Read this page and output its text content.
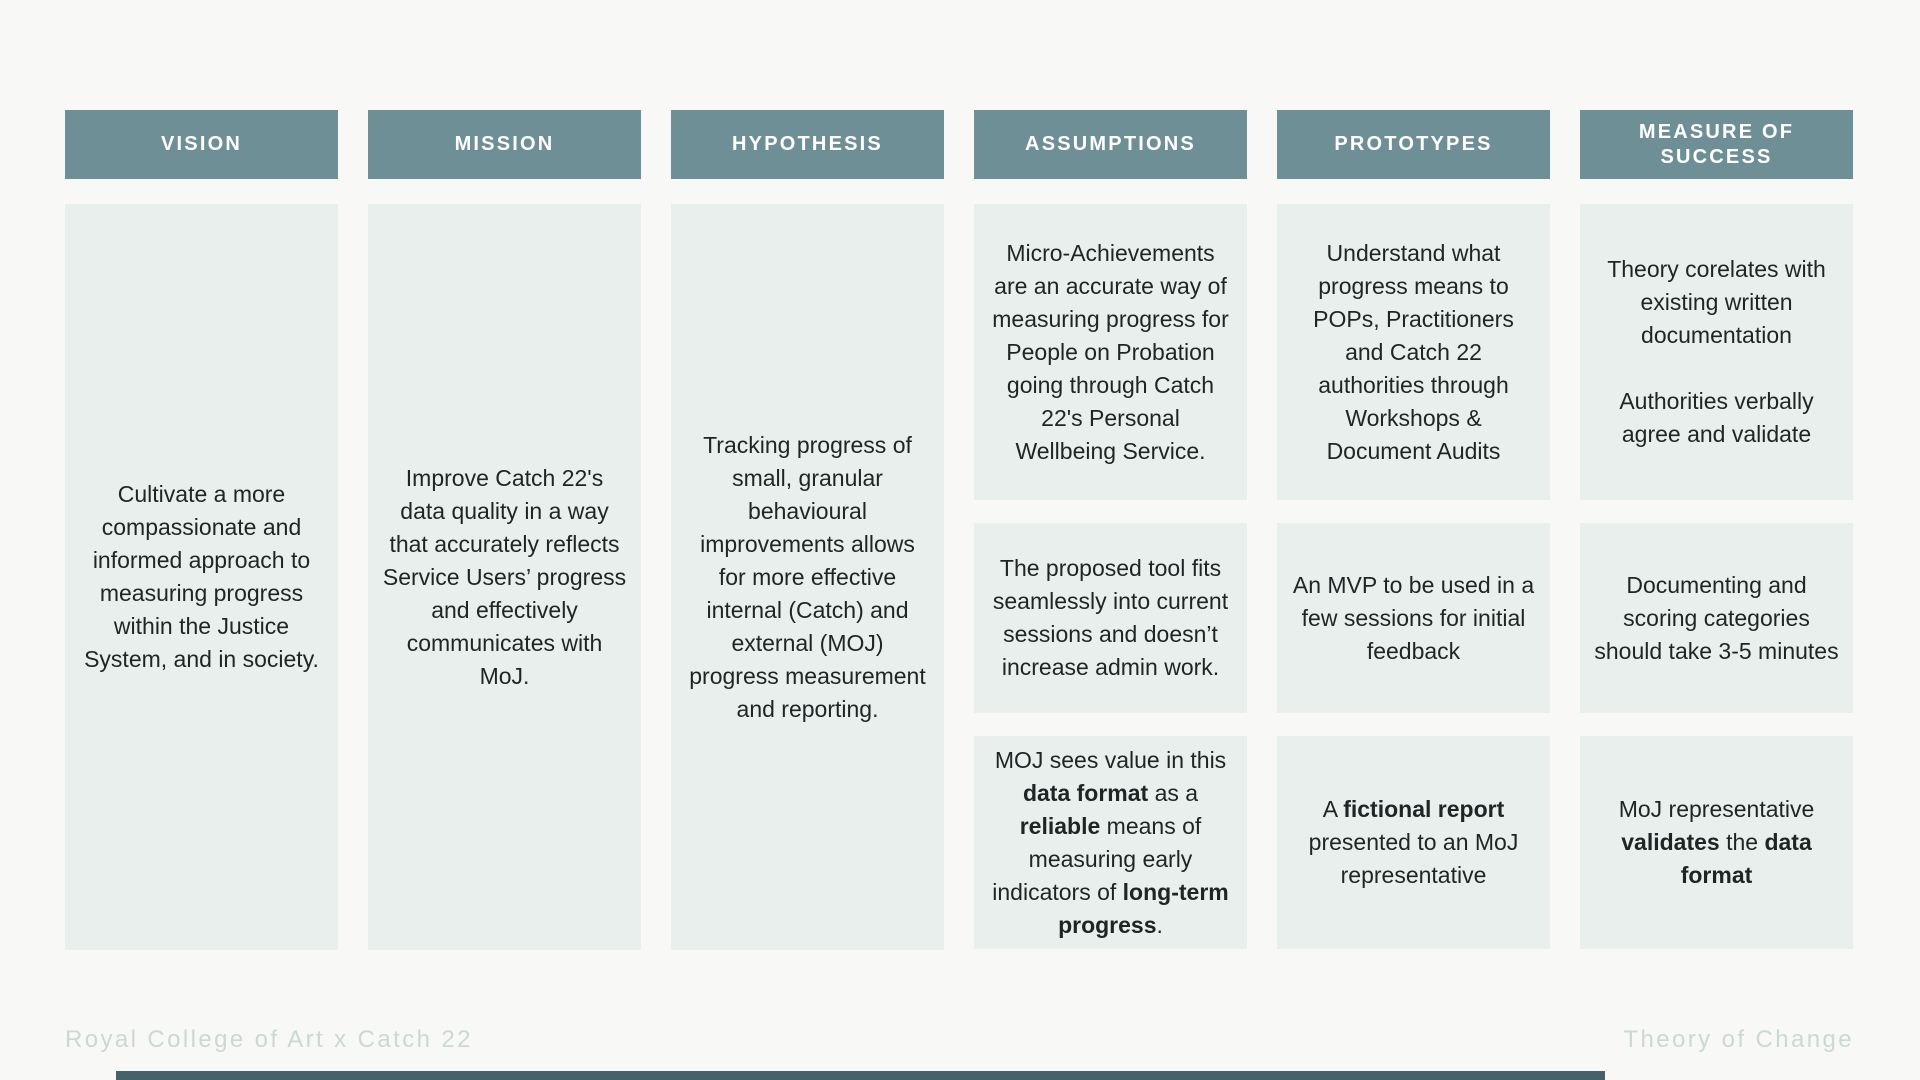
VISION

Cultivate a more compassionate and informed approach to measuring progress within the Justice System, and in society.

MISSION

Improve Catch 22's data quality in a way that accurately reflects Service Users’ progress and effectively communicates with MoJ.

HYPOTHESIS

Tracking progress of small, granular behavioural improvements allows for more effective internal (Catch) and external (MOJ) progress measurement and reporting.

ASSUMPTIONS

Micro-Achievements are an accurate way of measuring progress for People on Probation going through Catch 22's Personal Wellbeing Service.

The proposed tool fits seamlessly into current sessions and doesn’t increase admin work.

MOJ sees value in this data format as a reliable means of measuring early indicators of long-term progress.

PROTOTYPES

Understand what progress means to POPs, Practitioners and Catch 22 authorities through Workshops & Document Audits

An MVP to be used in a few sessions for initial feedback

A fictional report presented to an MoJ representative

MEASURE OF SUCCESS

Theory corelates with existing written documentation

Authorities verbally agree and validate

Documenting and scoring categories should take 3-5 minutes

MoJ representative validates the data format

Royal College of Art x Catch 22	Theory of Change
